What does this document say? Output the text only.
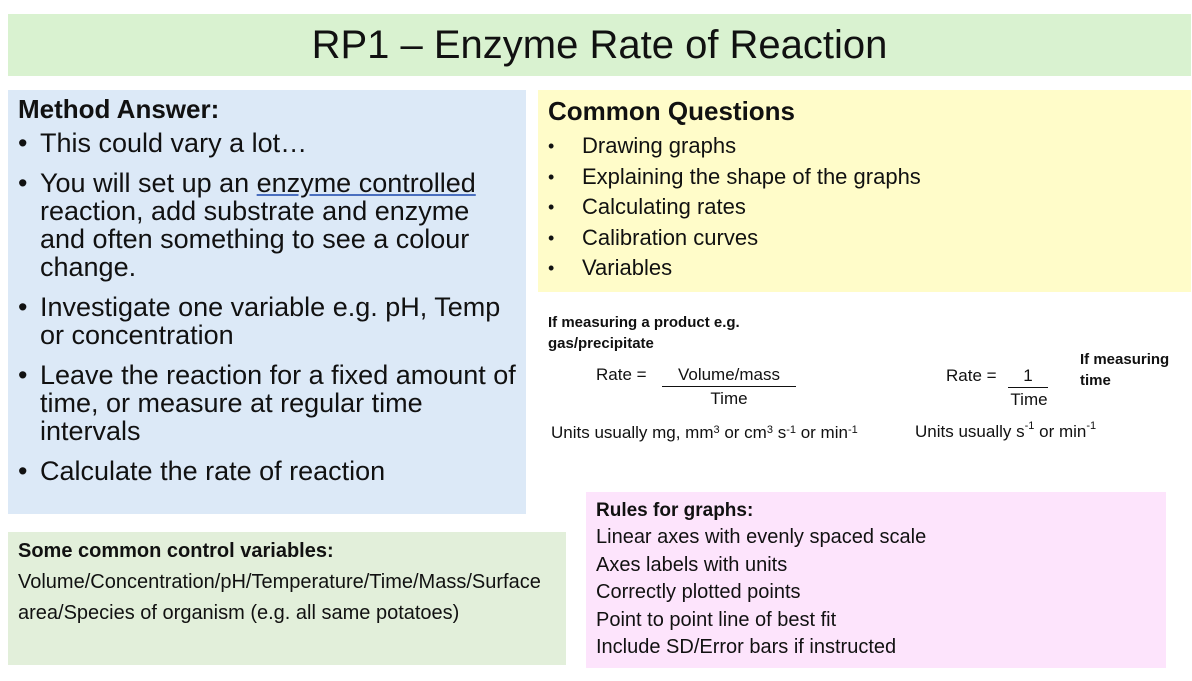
RP1 – Enzyme Rate of Reaction
Method Answer:
• This could vary a lot…
• You will set up an enzyme controlled reaction, add substrate and enzyme and often something to see a colour change.
• Investigate one variable e.g. pH, Temp or concentration
• Leave the reaction for a fixed amount of time, or measure at regular time intervals
• Calculate the rate of reaction
Common Questions
• Drawing graphs
• Explaining the shape of the graphs
• Calculating rates
• Calibration curves
• Variables
If measuring a product e.g. gas/precipitate
Rate =	Volume/mass
Time
Units usually mg, $mm^3$ or $cm^3$ $s^{-1}$ or $\min^{-1}$
Rate =	1
Time
If measuring time
Units usually $s^{-1}$ or $\min^{-1}$
Some common control variables:

Volume/Concentration/pH/Temperature/Time/Mass/Surface area/Species of organism (e.g. all same potatoes)

Rules for graphs:
Linear axes with evenly spaced scale
Axes labels with units
Correctly plotted points
Point to point line of best fit
Include SD/Error bars if instructed
